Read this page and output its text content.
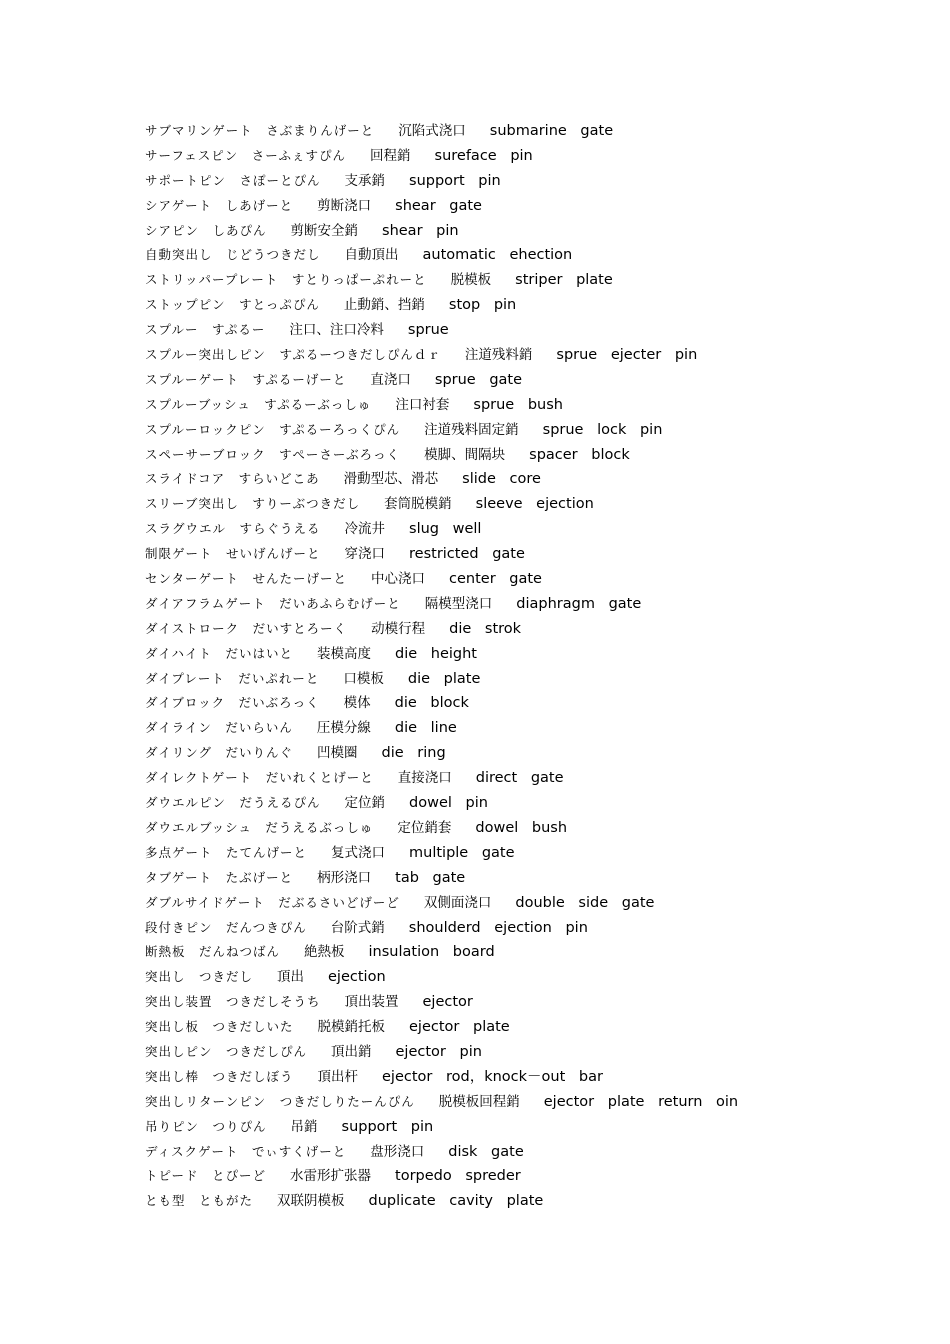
サブマリンゲート　さぶまりんげーと 沉陷式浇口 submarine gate
サーフェスピン　さーふぇすぴん 回程銷 sureface pin
サポートピン　さぽーとぴん 支承銷 support pin
シアゲート　しあげーと 剪断浇口 shear gate
シアピン　しあぴん 剪断安全銷 shear pin
自動突出し　じどうつきだし 自動頂出 automatic ehection
ストリッパープレート　すとりっぱーぷれーと 脱模板 striper plate
ストップピン　すとっぷぴん 止動銷、挡銷 stop pin
スプルー　すぷるー 注口、注口冷料 sprue
スプルー突出しピン　すぷるーつきだしぴんｄｒ 注道残料銷 sprue ejecter pin
スプルーゲート　すぷるーげーと 直浇口 sprue gate
スプルーブッシュ　すぷるーぶっしゅ 注口衬套 sprue bush
スプルーロックピン　すぷるーろっくぴん 注道残料固定銷 sprue lock pin
スペーサーブロック　すぺーさーぶろっく 模脚、間隔块 spacer block
スライドコア　すらいどこあ 滑動型芯、滑芯 slide core
スリーブ突出し　すりーぶつきだし 套筒脱模銷 sleeve ejection
スラグウエル　すらぐうえる 冷流井 slug well
制限ゲート　せいげんげーと 穿浇口 restricted gate
センターゲート　せんたーげーと 中心浇口 center gate
ダイアフラムゲート　だいあふらむげーと 隔模型浇口 diaphragm gate
ダイストローク　だいすとろーく 动模行程 die strok
ダイハイト　だいはいと 装模高度 die height
ダイプレート　だいぷれーと 口模板 die plate
ダイブロック　だいぶろっく 模体 die block
ダイライン　だいらいん 圧模分線 die line
ダイリング　だいりんぐ 凹模圈 die ring
ダイレクトゲート　だいれくとげーと 直接浇口 direct gate
ダウエルピン　だうえるぴん 定位銷 dowel pin
ダウエルブッシュ　だうえるぶっしゅ 定位銷套 dowel bush
多点ゲート　たてんげーと 复式浇口 multiple gate
タブゲート　たぶげーと 柄形浇口 tab gate
ダブルサイドゲート　だぶるさいどげーど 双側面浇口 double side gate
段付きピン　だんつきぴん 台阶式銷 shoulderd ejection pin
断熱板　だんねつばん 絶熱板 insulation board
突出し　つきだし 頂出 ejection
突出し装置　つきだしそうち 頂出装置 ejector
突出し板　つきだしいた 脱模銷托板 ejector plate
突出しピン　つきだしぴん 頂出銷 ejector pin
突出し棒　つきだしぼう 頂出杆 ejector rod，knock－out bar
突出しリターンピン　つきだしりたーんぴん 脱模板回程銷 ejector plate return oin
吊りピン　つりぴん 吊銷 support pin
ディスクゲート　でぃすくげーと 盘形浇口 disk gate
トピード　とぴーど 水雷形扩张器 torpedo spreder
とも型　ともがた 双联阴模板 duplicate cavity plate
